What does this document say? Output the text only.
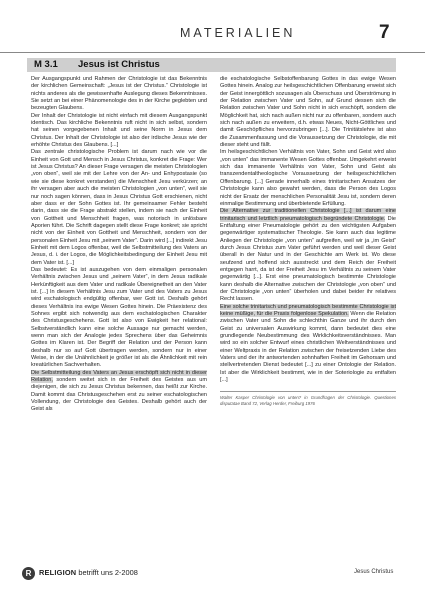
MATERIALIEN	7
M 3.1 Jesus ist Christus

Der Ausgangspunkt und Rahmen der Christologie ist das Bekenntnis der kirchlichen Gemeinschaft: „Jesus ist der Christus.“ Christologie ist nichts anderes als die gewissenhafte Auslegung dieses Bekenntnisses. Sie setzt an bei einer Phänomenologie des in der Kirche geglebten und bezeugten Glaubens.

Der Inhalt der Christologie ist nicht einfach mit diesem Ausgangspunkt identisch. Das kirchliche Bekenntnis ruft nicht in sich selbst, sondern hat seinen vorgegebenen Inhalt und seine Norm in Jesus dem Christus. Der Inhalt der Christologie ist also der irdische Jesus wie der erhöhte Christus des Glaubens. [...]

Das zentrale christologische Problem ist darum nach wie vor die Einheit von Gott und Mensch in Jesus Christus, konkret die Frage: Wer ist Jesus Christus? An dieser Frage versagen die meisten Christologien „von oben“, weil sie mit der Lehre von der An- und Enhypostasie (so wie sie diese konkret verstanden) die Menschheit Jesu verkürzen; an ihr versagen aber auch die meisten Christologien „von unten“, weil sie nur noch sagen können, dass in Jesus Christus Gott erschienen, nicht aber dass er der Sohn Gottes ist. Ihr gemeinsamer Fehler besteht darin, dass sie die Frage abstrakt stellen, indem sie nach der Einheit von Gottheit und Menschheit fragen, was notorisch in unlösbare Aporien führt. Die Schrift dagegen stellt diese Frage konkret; sie spricht nicht von der Einheit von Gottheit und Menschheit, sondern von der personalen Einheit Jesu mit „seinem Vater“. Darin wird [...] indirekt Jesu Einheit mit dem Logos offenbar, weil die Selbstmitteilung des Vaters an Jesus, d. i. der Logos, die Möglichkeitsbedingung der Einheit Jesu mit dem Vater ist. [...]

Das bedeutet: Es ist auszugehen von dem einmaligen personalen Verhältnis zwischen Jesus und „seinem Vater“, in dem Jesus radikale Herkünftigkeit aus dem Vater und radikale Übereignetheit an den Vater ist. [...] In diesem Verhältnis Jesu zum Vater und des Vaters zu Jesus wird eschatologisch endgültig offenbar, wer Gott ist. Deshalb gehört dieses Verhältnis ins ewige Wesen Gottes hinein. Die Präexistenz des Sohnes ergibt sich notwendig aus dem eschatologischen Charakter des Christusgeschehens. Gott ist also von Ewigkeit her relational: Selbstverständlich kann eine solche Aussage nur gemacht werden, wenn man sich der Analogie jedes Sprechens über das Geheimnis Gottes im Klaren ist. Der Begriff der Relation und der Person kann deshalb nur so auf Gott übertragen werden, sondern nur in einer Weise, in der die Unähnlichkeit je größer ist als die Ähnlichkeit mit rein kreatürlichen Sachverhalten.

Die Selbstmitteilung des Vaters an Jesus erschöpft sich nicht in dieser Relation, sondern weitet sich in der Freiheit des Geistes aus um diejenigen, die sich zu Jesus Christus bekennen, das heißt zur Kirche. Damit kommt das Christusgeschehen erst zu seiner eschatologischen Vollendung, der Christologie des Geistes. Deshalb gehört auch der Geist als

die eschatologische Selbstoffenbarung Gottes in das ewige Wesen Gottes hinein. Analog zur heilsgeschichtlichen Offenbarung erweist sich der Geist innergöttlich sozusagen als Überschuss und Überströmung in der Relation zwischen Vater und Sohn, auf Grund dessen sich die Relation zwischen Vater und Sohn nicht in sich erschöpft, sondern die Möglichkeit hat, sich nach außen nicht nur zu offenbaren, sondern auch sich nach außen zu erweitern, d.h. etwas Neues, Nicht-Göttliches und damit Geschöpfliches hervorzubringen [...]. Die Trinitätslehre ist also die Zusammenfassung und die Voraussetzung der Christologie, die mit dieser steht und fällt.

Im heilsgeschichtlichen Verhältnis von Vater, Sohn und Geist wird also „von unten“ das immanente Wesen Gottes offenbar. Umgekehrt erweist sich das immanente Verhältnis von Vater, Sohn und Geist als transzendentaltheologische Voraussetzung der heilsgeschichtlichen Offenbarung. [...] Gerade innerhalb eines trinitarischen Ansatzes der Christologie kann also gewahrt werden, dass die Person des Logos nicht der Ersatz der menschlichen Personalität Jesu ist, sondern deren einmalige Bestimmung und überbietende Erfüllung.

Die Alternative zur traditionellen Christologie [...] ist darum eine trinitarisch und letztlich pneumatologisch begründete Christologie. Die Entfaltung einer Pneumatologie gehört zu den wichtigsten Aufgaben gegenwärtiger systematischer Theologie. Sie kann auch das legitime Anliegen der Christologie „von unten“ aufgreifen, weil wir ja „im Geist“ durch Jesus Christus zum Vater geführt werden und weil dieser Geist überall in der Natur und in der Geschichte am Werk ist. Wo diese seufzend und hoffend sich ausstreckt und dem Reich der Freiheit entgegen harrt, da ist der Freiheit Jesu im Verhältnis zu seinem Vater gegenwärtig [...]. Erst eine pneumatologisch bestimmte Christologie kann deshalb die Alternative zwischen der Christologie „von oben“ und der Christologie „von unten“ überholen und dabei beider ihr relatives Recht lassen.

Eine solche trinitarisch und pneumatologisch bestimmte Christologie ist keine müßige, für die Praxis folgenlose Spekulation. Wenn die Relation zwischen Vater und Sohn die schlechthin Ganze und ihr durch den Geist zu universalen Auswirkung kommt, dann bedeutet dies eine grundlegende Neubestimmung des Wirklichkeitsverständnisses. Man wird so ein solcher Entwurf eines christlichen Weltverständnisses und einer Weltpraxis in der Relation zwischen der freisetzenden Liebe des Vaters und der ihr antwortenden sohnhaften Freiheit im Gehorsam und stellvertretenden Dienst bedeutet [...] zu einer Ontologie der Relation. Ist aber die Wirklichkeit bestimmt, wie in der Soteriologie zu entfalten [...]

Walter Kasper Christologie von unten? in Grundfragen der Christologie. Questiones disputatae Band 72, Verlag Herder, Freiburg 1976

R	RELIGION betrifft uns 2-2008	Jesus Christus
